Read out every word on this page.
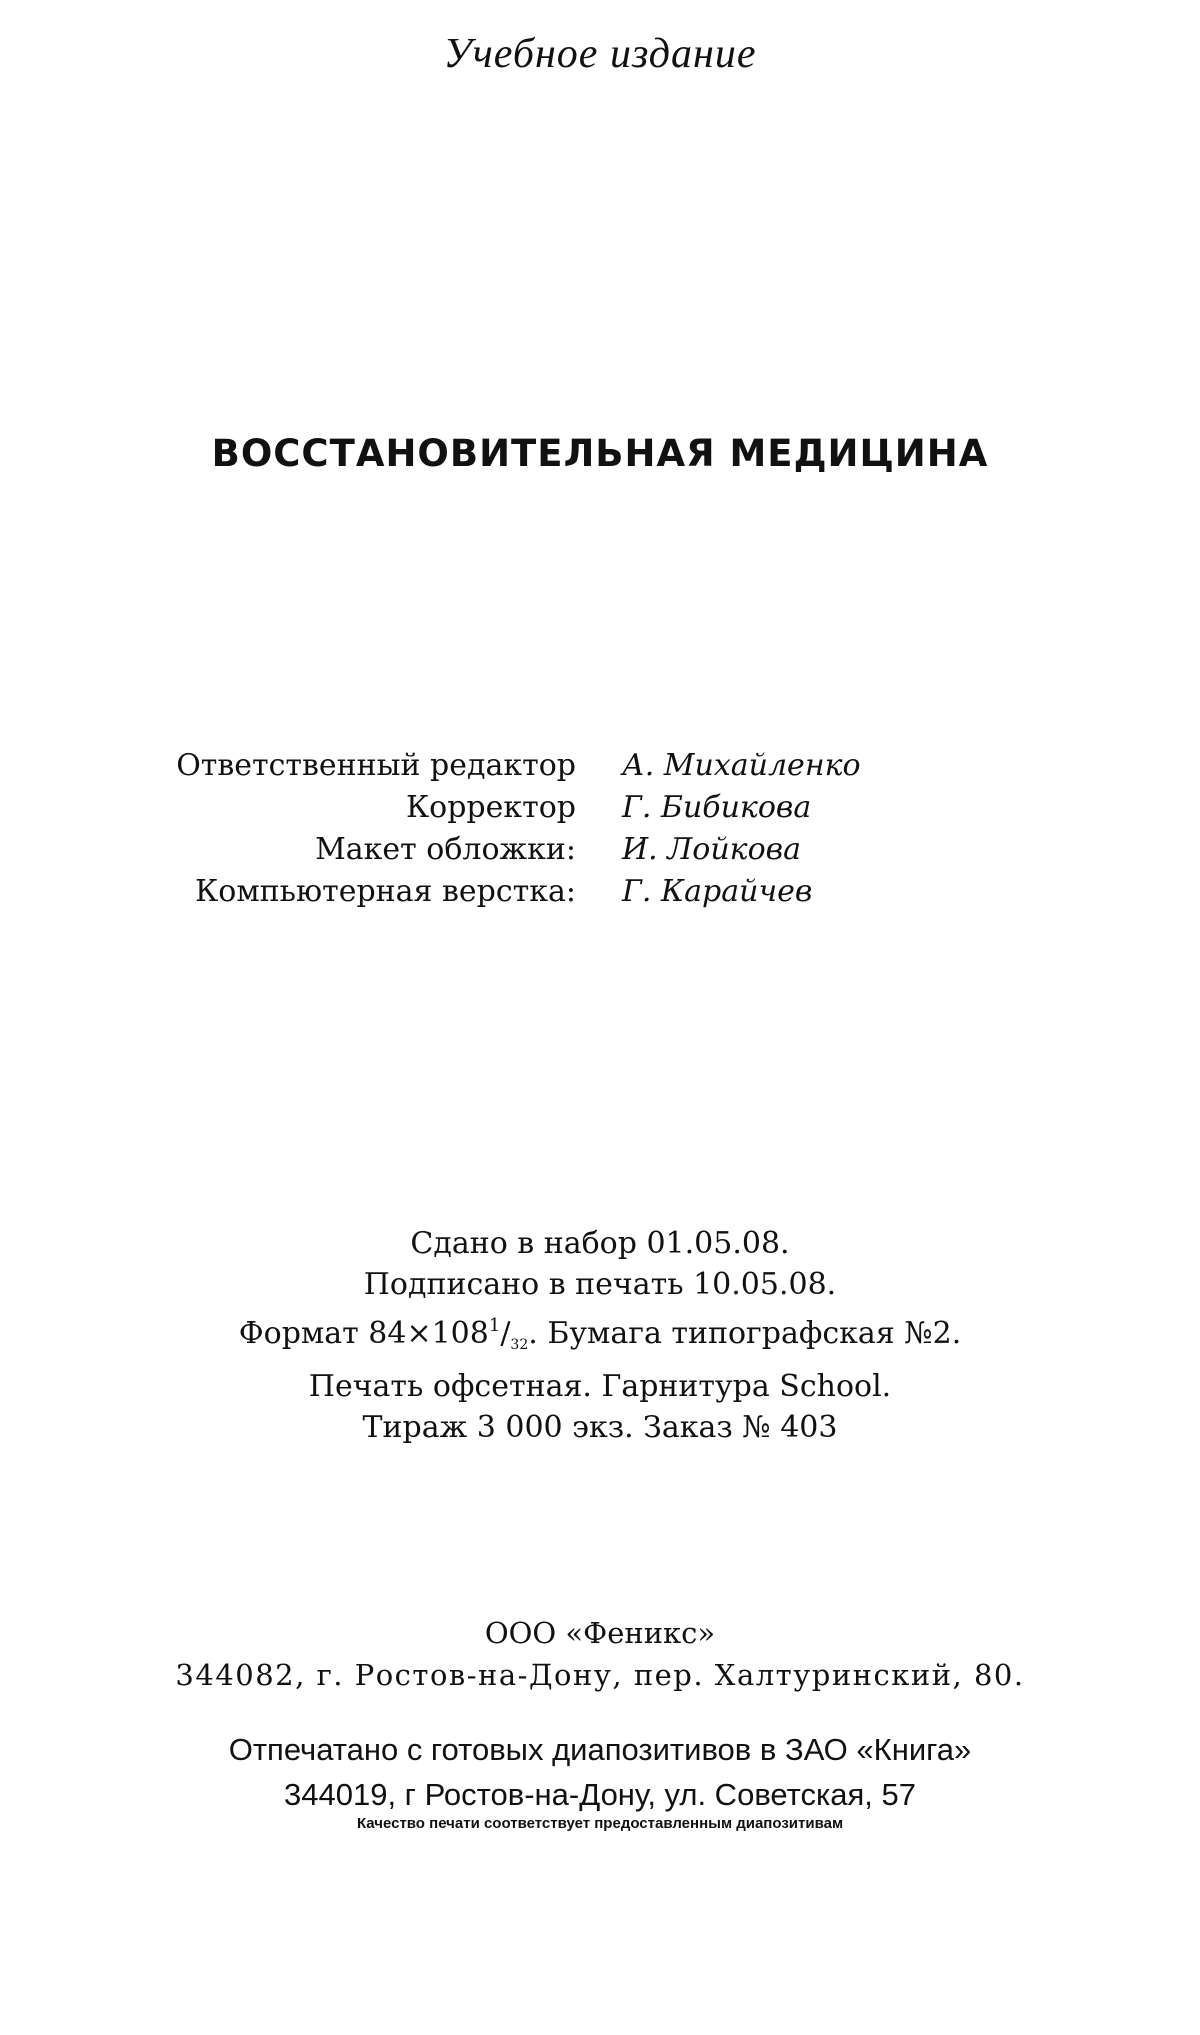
Учебное издание
ВОССТАНОВИТЕЛЬНАЯ МЕДИЦИНА
Ответственный редактор А. Михайленко
Корректор Г. Бибикова
Макет обложки: И. Лойкова
Компьютерная верстка: Г. Карайчев
Сдано в набор 01.05.08.
Подписано в печать 10.05.08.
Формат $84\times 108^1/_{32}$. Бумага типографская №2.
Печать офсетная. Гарнитура School.
Тираж 3 000 экз. Заказ № 403
ООО «Феникс»
344082, г. Ростов-на-Дону, пер. Халтуринский, 80.
Отпечатано с готовых диапозитивов в ЗАО «Книга»
344019, г Ростов-на-Дону, ул. Советская, 57
Качество печати соответствует предоставленным диапозитивам
